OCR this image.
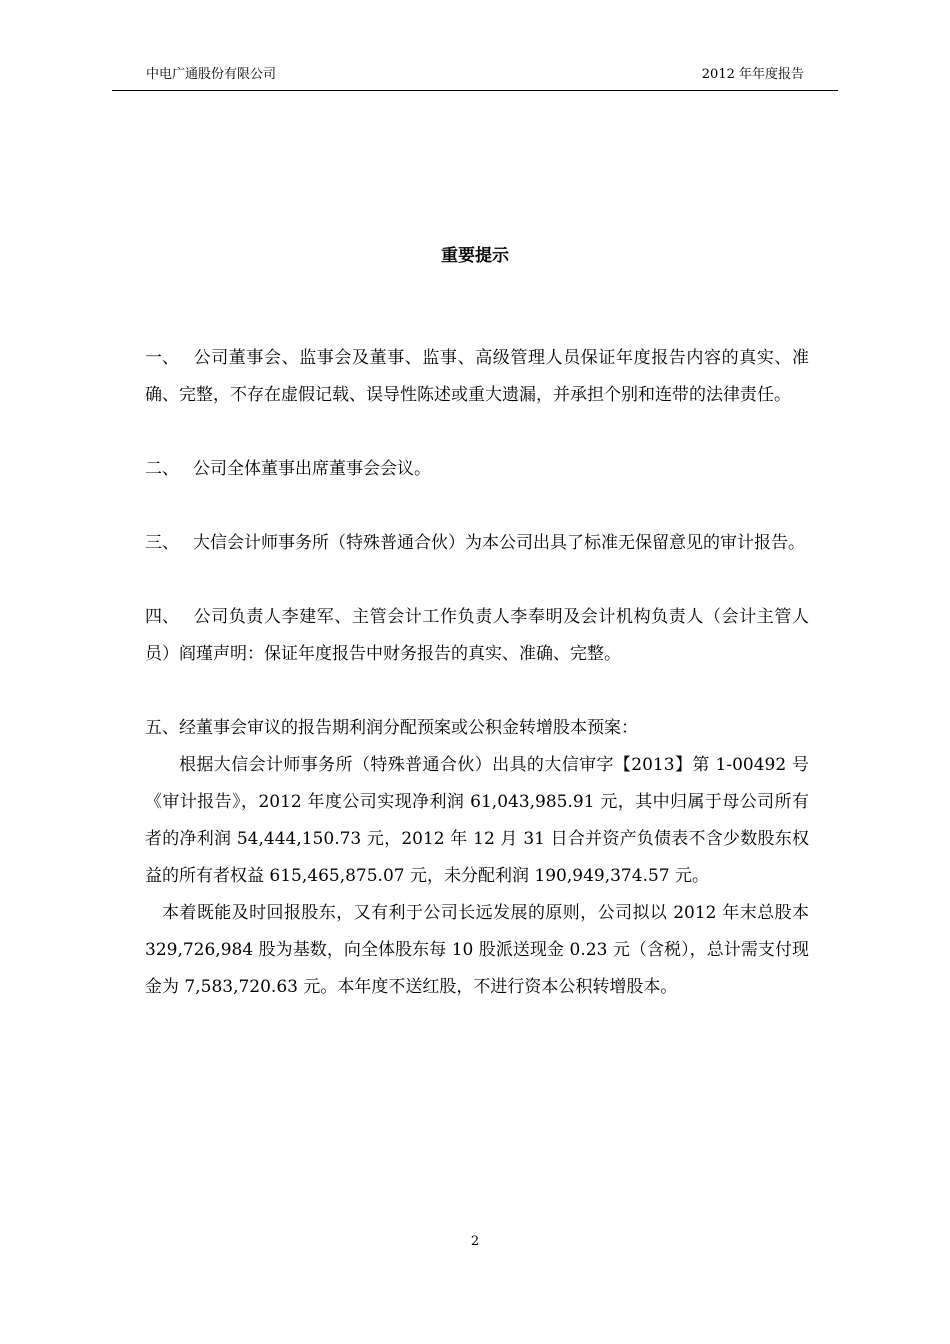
中电广通股份有限公司	2012 年年度报告
重要提示

一、 公司董事会、监事会及董事、监事、高级管理人员保证年度报告内容的真实、准确、完整，不存在虚假记载、误导性陈述或重大遗漏，并承担个别和连带的法律责任。

二、 公司全体董事出席董事会会议。

三、 大信会计师事务所（特殊普通合伙）为本公司出具了标准无保留意见的审计报告。

四、 公司负责人李建军、主管会计工作负责人李奉明及会计机构负责人（会计主管人员）阎瑾声明：保证年度报告中财务报告的真实、准确、完整。

五、经董事会审议的报告期利润分配预案或公积金转增股本预案：

根据大信会计师事务所（特殊普通合伙）出具的大信审字【2013】第 1-00492 号《审计报告》，2012 年度公司实现净利润 61,043,985.91 元，其中归属于母公司所有者的净利润 54,444,150.73 元，2012 年 12 月 31 日合并资产负债表不含少数股东权益的所有者权益 615,465,875.07 元，未分配利润 190,949,374.57 元。

本着既能及时回报股东，又有利于公司长远发展的原则，公司拟以 2012 年末总股本 329,726,984 股为基数，向全体股东每 10 股派送现金 0.23 元（含税），总计需支付现金为 7,583,720.63 元。本年度不送红股，不进行资本公积转增股本。

2
